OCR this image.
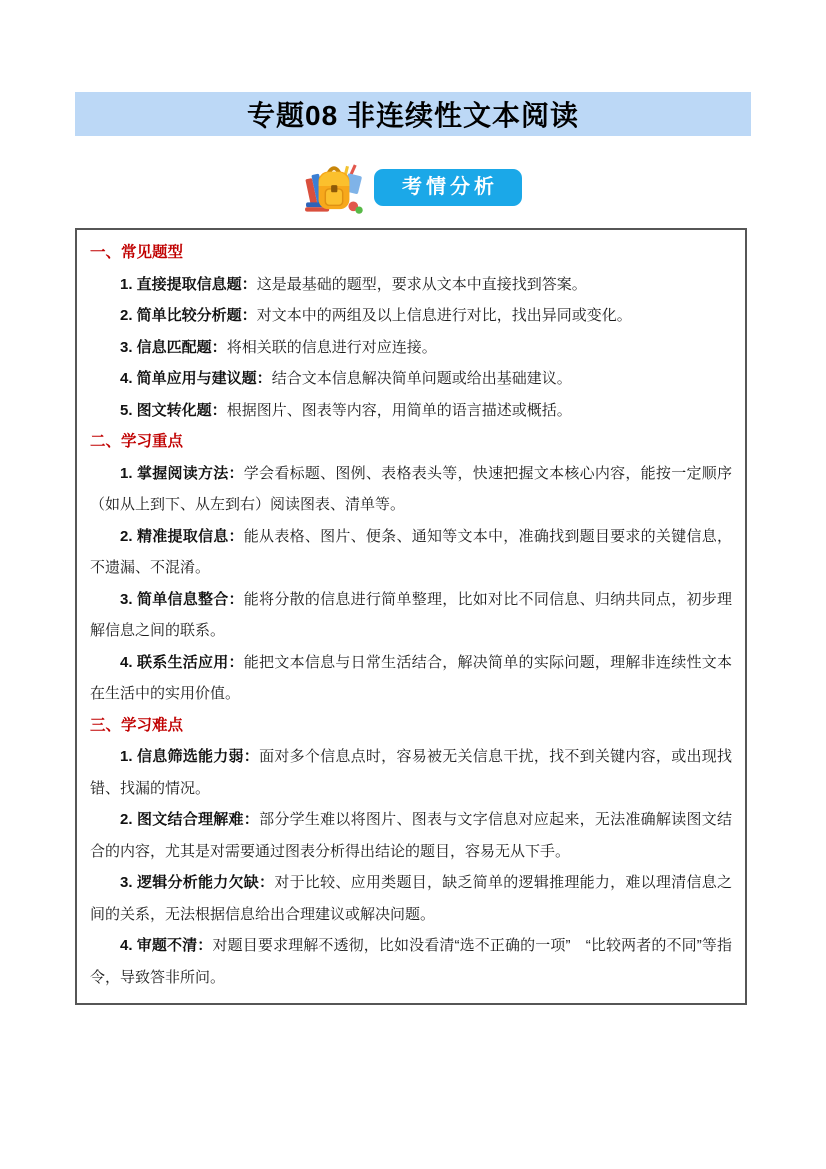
专题08 非连续性文本阅读
考情分析

一、常见题型

1. 直接提取信息题：这是最基础的题型，要求从文本中直接找到答案。

2. 简单比较分析题：对文本中的两组及以上信息进行对比，找出异同或变化。

3. 信息匹配题：将相关联的信息进行对应连接。

4. 简单应用与建议题：结合文本信息解决简单问题或给出基础建议。

5. 图文转化题：根据图片、图表等内容，用简单的语言描述或概括。

二、学习重点

1. 掌握阅读方法：学会看标题、图例、表格表头等，快速把握文本核心内容，能按一定顺序（如从上到下、从左到右）阅读图表、清单等。

2. 精准提取信息：能从表格、图片、便条、通知等文本中，准确找到题目要求的关键信息，不遗漏、不混淆。

3. 简单信息整合：能将分散的信息进行简单整理，比如对比不同信息、归纳共同点，初步理解信息之间的联系。

4. 联系生活应用：能把文本信息与日常生活结合，解决简单的实际问题，理解非连续性文本在生活中的实用价值。

三、学习难点

1. 信息筛选能力弱：面对多个信息点时，容易被无关信息干扰，找不到关键内容，或出现找错、找漏的情况。

2. 图文结合理解难：部分学生难以将图片、图表与文字信息对应起来，无法准确解读图文结合的内容，尤其是对需要通过图表分析得出结论的题目，容易无从下手。

3. 逻辑分析能力欠缺：对于比较、应用类题目，缺乏简单的逻辑推理能力，难以理清信息之间的关系，无法根据信息给出合理建议或解决问题。

4. 审题不清：对题目要求理解不透彻，比如没看清“选不正确的一项”　“比较两者的不同”等指令，导致答非所问。
